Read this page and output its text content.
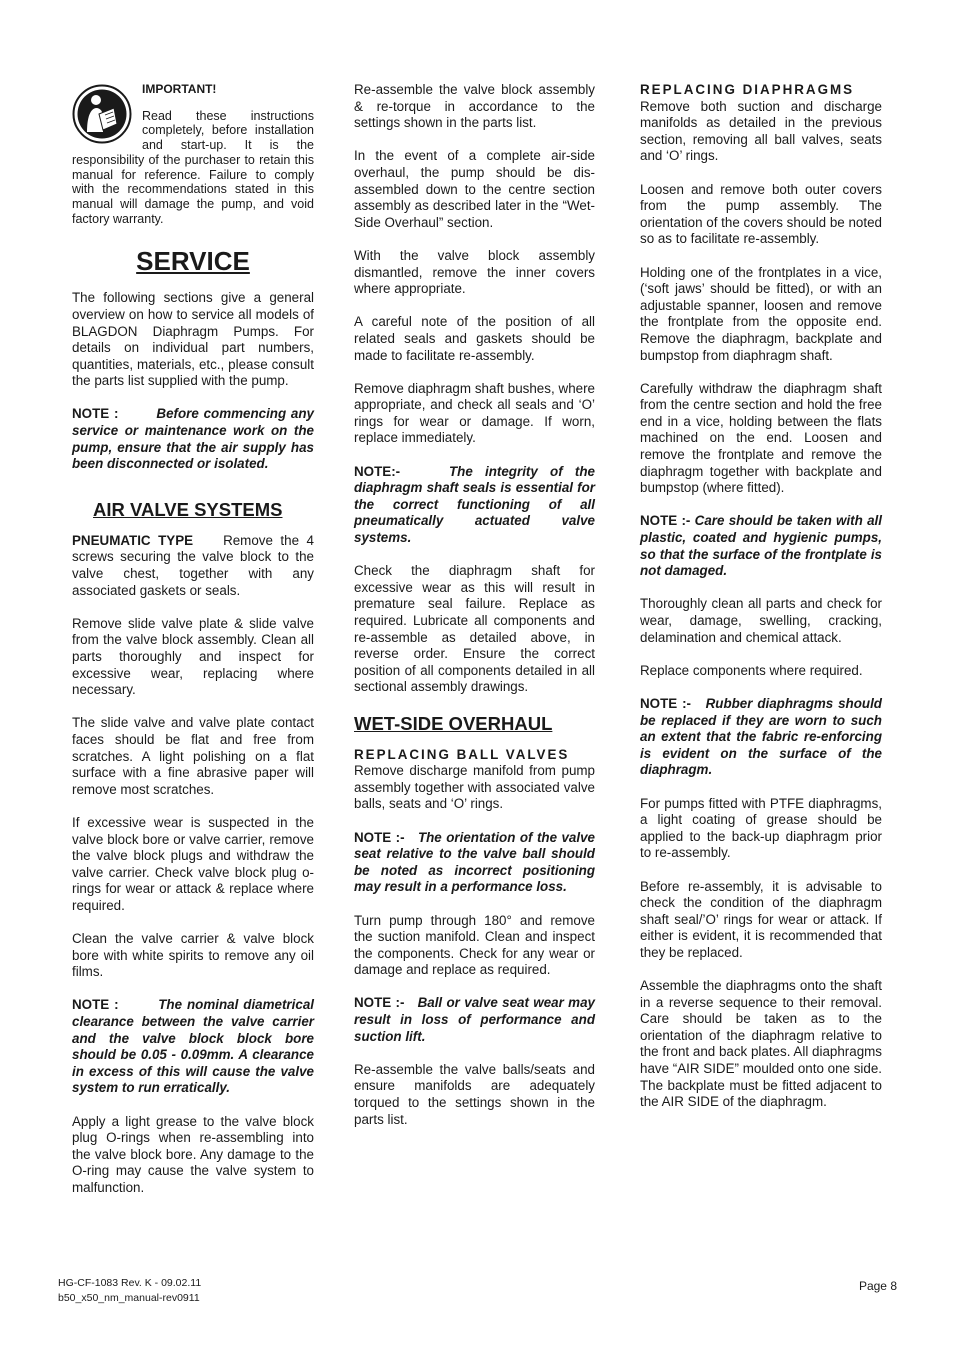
IMPORTANT!
Read these instructions completely, before installation and start-up. It is the responsibility of the purchaser to retain this manual for reference. Failure to comply with the recommendations stated in this manual will damage the pump, and void factory warranty.
SERVICE
The following sections give a general overview on how to service all models of BLAGDON Diaphragm Pumps. For details on individual part numbers, quantities, materials, etc., please consult the parts list supplied with the pump.
NOTE :	Before commencing any service or maintenance work on the pump, ensure that the air supply has been disconnected or isolated.
AIR VALVE SYSTEMS
PNEUMATIC TYPE Remove the 4 screws securing the valve block to the valve chest, together with any associated gaskets or seals.
Remove slide valve plate & slide valve from the valve block assembly. Clean all parts thoroughly and inspect for excessive wear, replacing where necessary.
The slide valve and valve plate contact faces should be flat and free from scratches. A light polishing on a flat surface with a fine abrasive paper will remove most scratches.
If excessive wear is suspected in the valve block bore or valve carrier, remove the valve block plugs and withdraw the valve carrier. Check valve block plug o-rings for wear or attack & replace where required.
Clean the valve carrier & valve block bore with white spirits to remove any oil films.
NOTE :	The nominal diametrical clearance between the valve carrier and the valve block block bore should be 0.05 - 0.09mm. A clearance in excess of this will cause the valve system to run erratically.
Apply a light grease to the valve block plug O-rings when re-assembling into the valve block bore. Any damage to the O-ring may cause the valve system to malfunction.
Re-assemble the valve block assembly & re-torque in accordance to the settings shown in the parts list.
In the event of a complete air-side overhaul, the pump should be dis-assembled down to the centre section assembly as described later in the “Wet-Side Overhaul” section.
With the valve block assembly dismantled, remove the inner covers where appropriate.
A careful note of the position of all related seals and gaskets should be made to facilitate re-assembly.
Remove diaphragm shaft bushes, where appropriate, and check all seals and ‘O’ rings for wear or damage. If worn, replace immediately.
NOTE:-	The integrity of the diaphragm shaft seals is essential for the correct functioning of all pneumatically actuated valve systems.
Check the diaphragm shaft for excessive wear as this will result in premature seal failure. Replace as required. Lubricate all components and re-assemble as detailed above, in reverse order. Ensure the correct position of all components detailed in all sectional assembly drawings.
WET-SIDE OVERHAUL
REPLACING BALL VALVES
Remove discharge manifold from pump assembly together with associated valve balls, seats and ‘O’ rings.
NOTE :- The orientation of the valve seat relative to the valve ball should be noted as incorrect positioning may result in a performance loss.
Turn pump through 180° and remove the suction manifold. Clean and inspect the components. Check for any wear or damage and replace as required.
NOTE :- Ball or valve seat wear may result in loss of performance and suction lift.
Re-assemble the valve balls/seats and ensure manifolds are adequately torqued to the settings shown in the parts list.
REPLACING DIAPHRAGMS
Remove both suction and discharge manifolds as detailed in the previous section, removing all ball valves, seats and ‘O’ rings.
Loosen and remove both outer covers from the pump assembly. The orientation of the covers should be noted so as to facilitate re-assembly.
Holding one of the frontplates in a vice, (‘soft jaws’ should be fitted), or with an adjustable spanner, loosen and remove the frontplate from the opposite end. Remove the diaphragm, backplate and bumpstop from diaphragm shaft.
Carefully withdraw the diaphragm shaft from the centre section and hold the free end in a vice, holding between the flats machined on the end. Loosen and remove the frontplate and remove the diaphragm together with backplate and bumpstop (where fitted).
NOTE :- Care should be taken with all plastic, coated and hygienic pumps, so that the surface of the frontplate is not damaged.
Thoroughly clean all parts and check for wear, damage, swelling, cracking, delamination and chemical attack.
Replace components where required.
NOTE :- Rubber diaphragms should be replaced if they are worn to such an extent that the fabric re-enforcing is evident on the surface of the diaphragm.
For pumps fitted with PTFE diaphragms, a light coating of grease should be applied to the back-up diaphragm prior to re-assembly.
Before re-assembly, it is advisable to check the condition of the diaphragm shaft seal/’O’ rings for wear or attack. If either is evident, it is recommended that they be replaced.
Assemble the diaphragms onto the shaft in a reverse sequence to their removal. Care should be taken as to the orientation of the diaphragm relative to the front and back plates. All diaphragms have “AIR SIDE” moulded onto one side. The backplate must be fitted adjacent to the AIR SIDE of the diaphragm.
HG-CF-1083 Rev. K - 09.02.11
b50_x50_nm_manual-rev0911
Page 8
